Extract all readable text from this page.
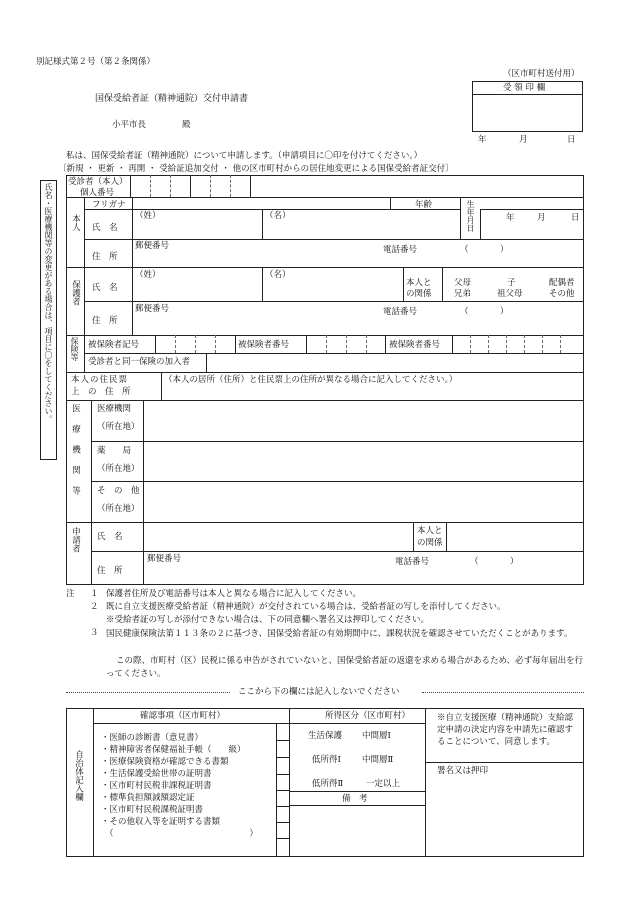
別記様式第２号（第２条関係）
（区市町村送付用）
国保受給者証（精神通院）交付申請書
小平市長	殿
受 領 印 欄
年	月	日
私は、国保受給者証（精神通院）について申請します。（申請項目に〇印を付けてください。）
〔新規 ・ 更新 ・ 再開 ・ 受給証追加交付 ・ 他の区市町村からの居住地変更による国保受給者証交付〕
氏名・医療機関等の変更がある場合は、項目に〇をしてください。
受診者（本人）
個人番号
フリガナ	年齢	生年月日	年	月	日
本人 氏　名
（姓）	（名）
住　所
郵便番号	電話番号	（	）
保護者 氏　名
（姓）	（名）
本人と
の関係
父母	子	配偶者
兄弟	祖父母	その他
住　所
郵便番号	電話番号	（	）
保険等 被保険者記号	被保険者番号	被保険者番号
受診者と同一保険の加入者
本人の住民票
上　の　住　所
（本人の居所（住所）と住民票上の住所が異なる場合に記入してください。）
医療機関等 医療機関
（所在地）
薬　　局
（所在地）
そ　の　他
（所在地）
申請者 氏　名
本人と
の関係
住　所
郵便番号	電話番号	（	）
注 １ 保護者住所及び電話番号は本人と異なる場合に記入してください。
２ 既に自立支援医療受給者証（精神通院）が交付されている場合は、受給者証の写しを添付してください。
※受給者証の写しが添付できない場合は、下の同意欄へ署名又は押印してください。
３ 国民健康保険法第１１３条の２に基づき、国保受給者証の有効期間中に、課税状況を確認させていただくことがあります。
この際、市町村（区）民税に係る申告がされていないと、国保受給者証の返還を求める場合があるため、必ず毎年届出を行ってください。
ここから下の欄には記入しないでください
自治体記入欄
確認事項（区市町村）
・医師の診断書（意見書）
・精神障害者保健福祉手帳（　　級）
・医療保険資格が確認できる書類
・生活保護受給世帯の証明書
・区市町村民税非課税証明書
・標準負担額減額認定証
・区市町村民税課税証明書
・その他収入等を証明する書類
（　　　　　　　　　　　　　　　　）
所得区分（区市町村）
生活保護 中間層Ⅰ
低所得Ⅰ 中間層Ⅱ
低所得Ⅱ	一定以上
備　考
※自立支援医療（精神通院）支給認定申請の決定内容を申請先に確認することについて、同意します。
署名又は押印
